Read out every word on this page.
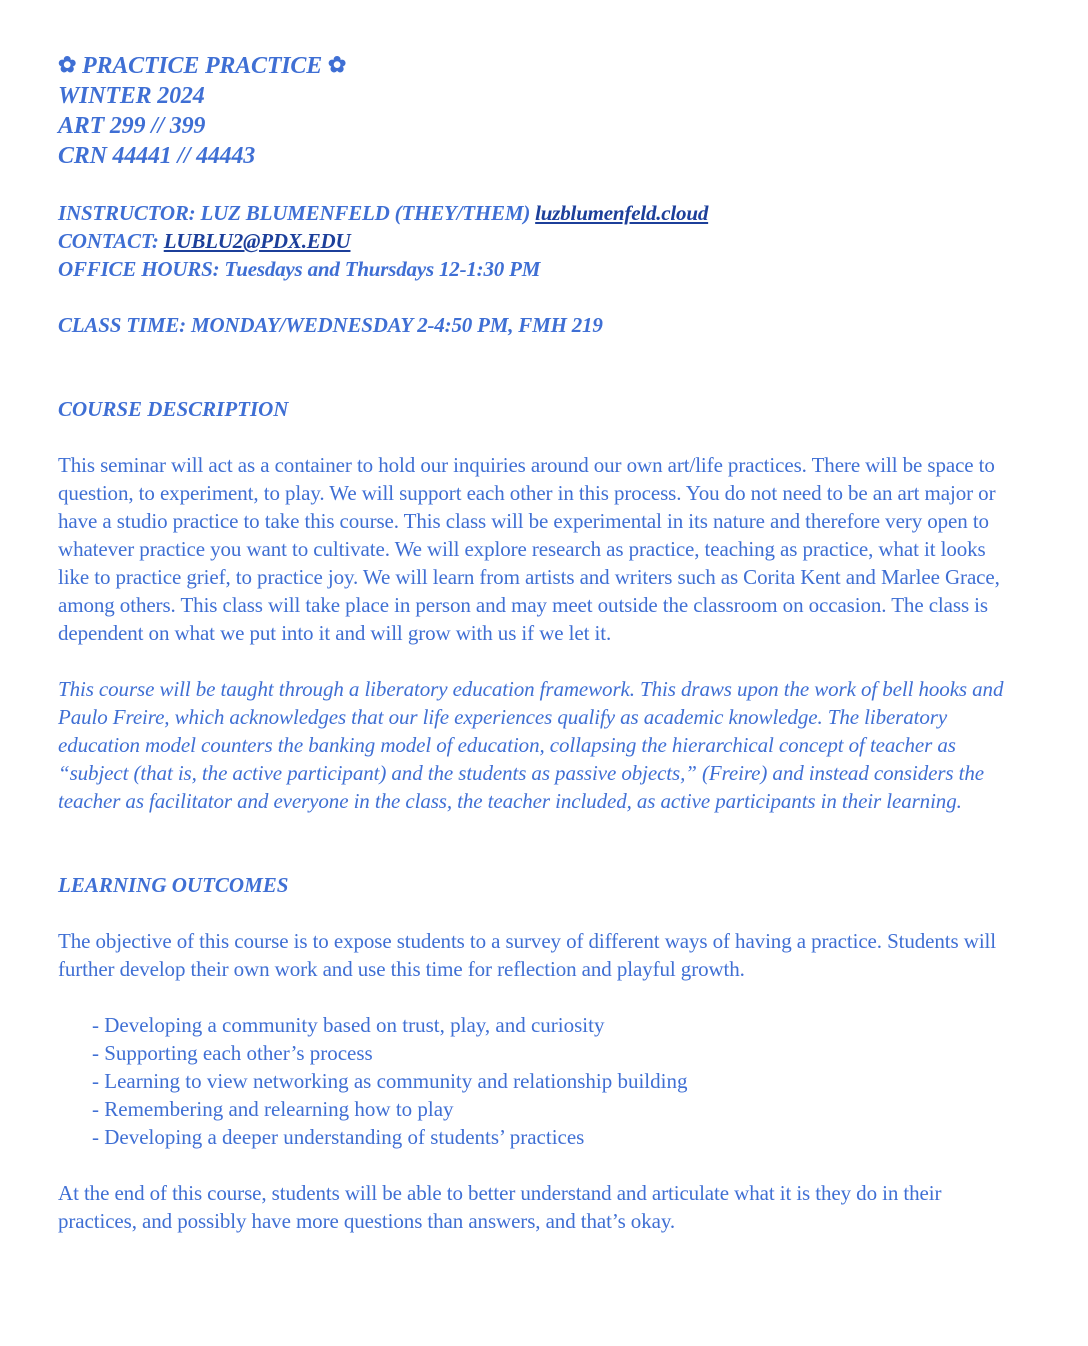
✿ PRACTICE PRACTICE ✿
WINTER 2024
ART 299 // 399
CRN 44441 // 44443
INSTRUCTOR: LUZ BLUMENFELD (THEY/THEM) luzblumenfeld.cloud
CONTACT: LUBLU2@PDX.EDU
OFFICE HOURS: Tuesdays and Thursdays 12-1:30 PM
CLASS TIME: MONDAY/WEDNESDAY 2-4:50 PM, FMH 219
COURSE DESCRIPTION
This seminar will act as a container to hold our inquiries around our own art/life practices. There will be space to question, to experiment, to play. We will support each other in this process. You do not need to be an art major or have a studio practice to take this course. This class will be experimental in its nature and therefore very open to whatever practice you want to cultivate. We will explore research as practice, teaching as practice, what it looks like to practice grief, to practice joy. We will learn from artists and writers such as Corita Kent and Marlee Grace, among others. This class will take place in person and may meet outside the classroom on occasion. The class is dependent on what we put into it and will grow with us if we let it.
This course will be taught through a liberatory education framework. This draws upon the work of bell hooks and Paulo Freire, which acknowledges that our life experiences qualify as academic knowledge. The liberatory education model counters the banking model of education, collapsing the hierarchical concept of teacher as “subject (that is, the active participant) and the students as passive objects,” (Freire) and instead considers the teacher as facilitator and everyone in the class, the teacher included, as active participants in their learning.
LEARNING OUTCOMES
The objective of this course is to expose students to a survey of different ways of having a practice. Students will further develop their own work and use this time for reflection and playful growth.
- Developing a community based on trust, play, and curiosity
- Supporting each other’s process
- Learning to view networking as community and relationship building
- Remembering and relearning how to play
- Developing a deeper understanding of students’ practices
At the end of this course, students will be able to better understand and articulate what it is they do in their practices, and possibly have more questions than answers, and that’s okay.
